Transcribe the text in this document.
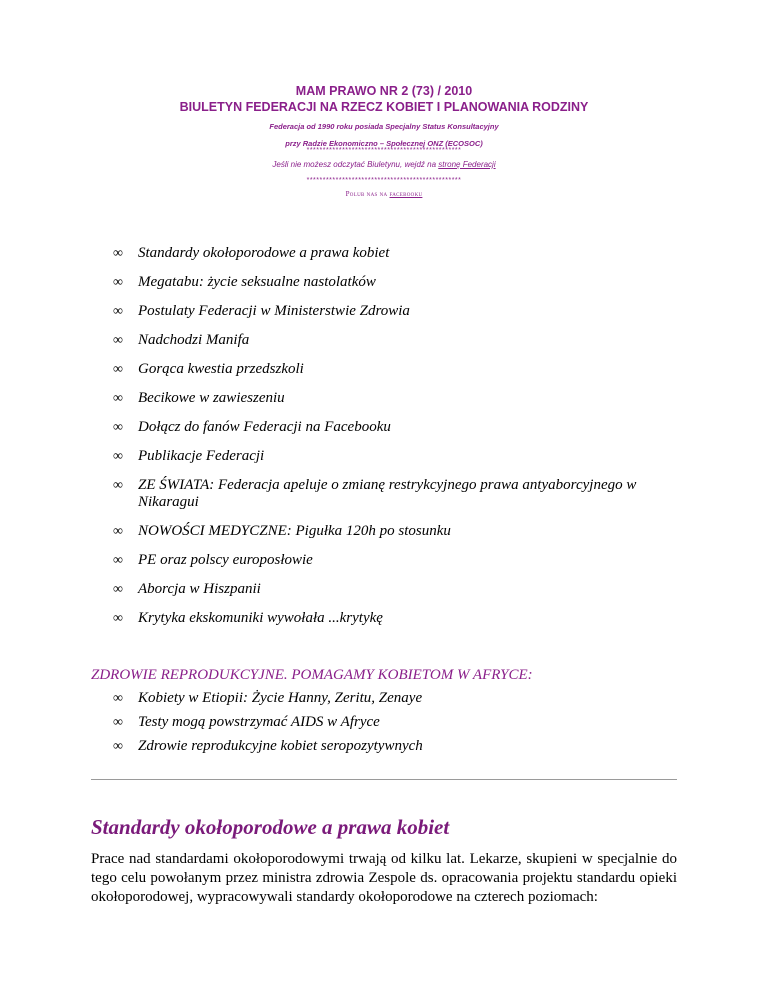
MAM PRAWO NR 2 (73) / 2010
BIULETYN FEDERACJI NA RZECZ KOBIET I PLANOWANIA RODZINY
Federacja od 1990 roku posiada Specjalny Status Konsultacyjny
przy Radzie Ekonomiczno – Społecznej ONZ (ECOSOC)
************************************************
Jeśli nie możesz odczytać Biuletynu, wejdź na stronę Federacji
************************************************
Polub nas na facebooku
∞ Standardy okołoporodowe a prawa kobiet
∞ Megatabu: życie seksualne nastolatków
∞ Postulaty Federacji w Ministerstwie Zdrowia
∞ Nadchodzi Manifa
∞ Gorąca kwestia przedszkoli
∞ Becikowe w zawieszeniu
∞ Dołącz do fanów Federacji na Facebooku
∞ Publikacje Federacji
∞ ZE ŚWIATA: Federacja apeluje o zmianę restrykcyjnego prawa antyaborcyjnego w Nikaragui
∞ NOWOŚCI MEDYCZNE: Pigułka 120h po stosunku
∞ PE oraz polscy europosłowie
∞ Aborcja w Hiszpanii
∞ Krytyka ekskomuniki wywołała ...krytykę
ZDROWIE REPRODUKCYJNE. POMAGAMY KOBIETOM W AFRYCE:
∞ Kobiety w Etiopii: Życie Hanny, Zeritu, Zenaye
∞ Testy mogą powstrzymać AIDS w Afryce
∞ Zdrowie reprodukcyjne kobiet seropozytywnych
Standardy okołoporodowe a prawa kobiet
Prace nad standardami okołoporodowymi trwają od kilku lat. Lekarze, skupieni w specjalnie do tego celu powołanym przez ministra zdrowia Zespole ds. opracowania projektu standardu opieki okołoporodowej, wypracowywali standardy okołoporodowe na czterech poziomach:
